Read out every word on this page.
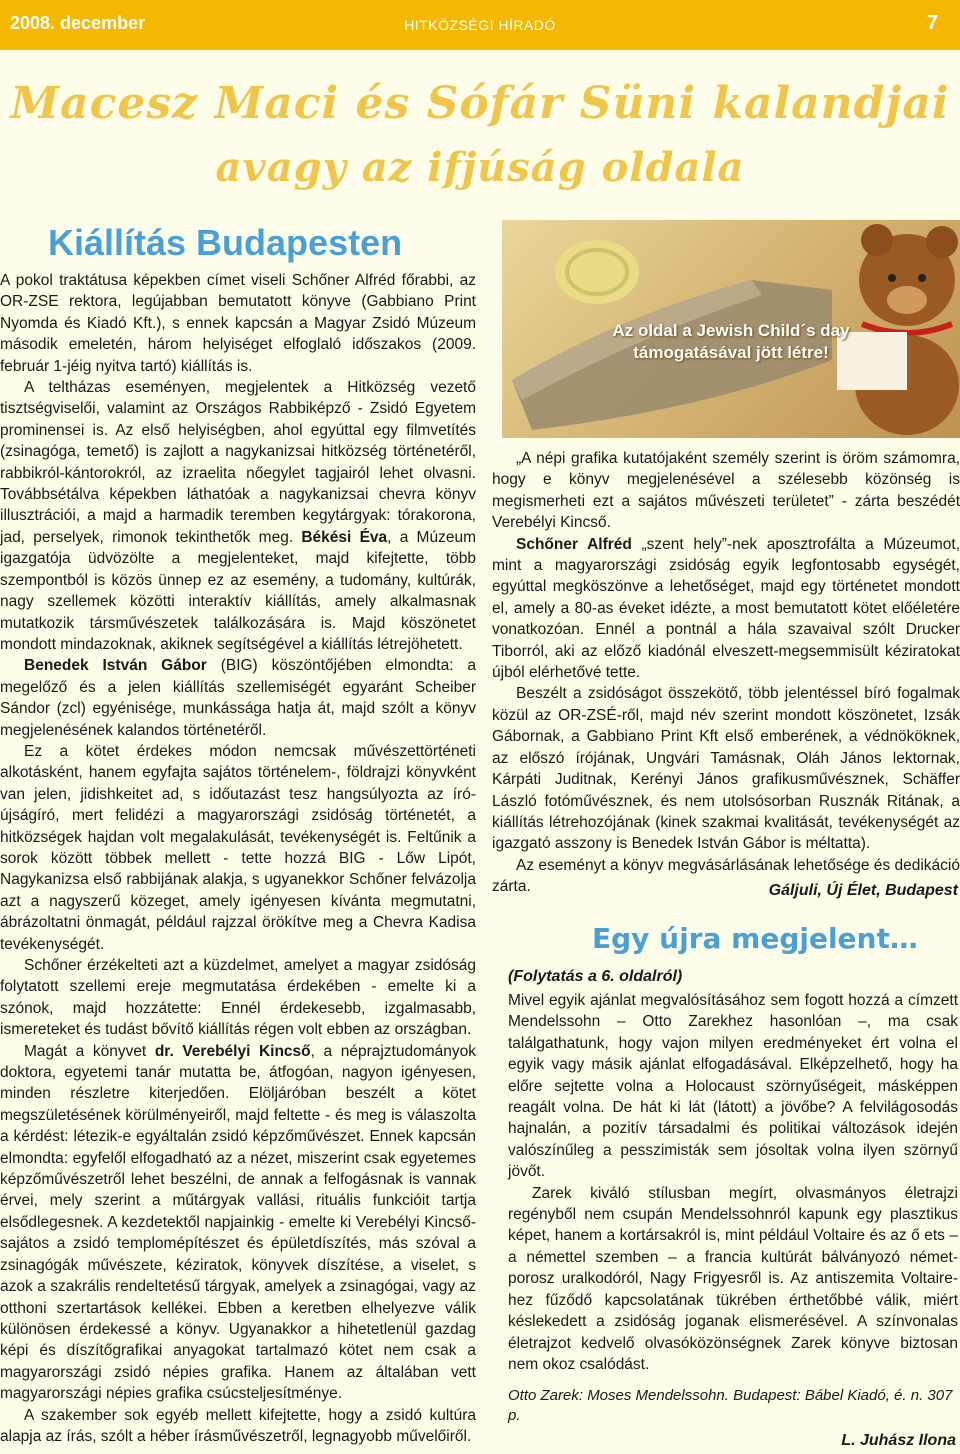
2008. december	HITKÖZSÉGI HÍRADÓ	7
Macesz Maci és Sófár Süni kalandjai
avagy az ifjúság oldala
Kiállítás Budapesten

A pokol traktátusa képekben címet viseli Schőner Alfréd főrabbi, az OR-ZSE rektora, legújabban bemutatott könyve (Gabbiano Print Nyomda és Kiadó Kft.), s ennek kapcsán a Magyar Zsidó Múzeum második emeletén, három helyiséget elfoglaló időszakos (2009. február 1-jéig nyitva tartó) kiállítás is.

A teltházas eseményen, megjelentek a Hitközség vezető tisztségviselői, valamint az Országos Rabbiképző - Zsidó Egyetem prominensei is. Az első helyiségben, ahol egyúttal egy filmvetítés (zsinagóga, temető) is zajlott a nagykanizsai hitközség történetéről, rabbikról-kántorokról, az izraelita nőegylet tagjairól lehet olvasni. Továbbsétálva képekben láthatóak a nagykanizsai chevra könyv illusztrációi, a majd a harmadik teremben kegytárgyak: tórakorona, jad, perselyek, rimonok tekinthetők meg. Békési Éva, a Múzeum igazgatója üdvözölte a megjelenteket, majd kifejtette, több szempontból is közös ünnep ez az esemény, a tudomány, kultúrák, nagy szellemek közötti interaktív kiállítás, amely alkalmasnak mutatkozik társművészetek találkozására is. Majd köszönetet mondott mindazoknak, akiknek segítségével a kiállítás létrejöhetett.

Benedek István Gábor (BIG) köszöntőjében elmondta: a megelőző és a jelen kiállítás szellemiségét egyaránt Scheiber Sándor (zcl) egyénisége, munkássága hatja át, majd szólt a könyv megjelenésének kalandos történetéről.

Ez a kötet érdekes módon nemcsak művészettörténeti alkotásként, hanem egyfajta sajátos történelem-, földrajzi könyvként van jelen, jidishkeitet ad, s időutazást tesz hangsúlyozta az író-újságíró, mert felidézi a magyarországi zsidóság történetét, a hitközségek hajdan volt megalakulását, tevékenységét is. Feltűnik a sorok között többek mellett - tette hozzá BIG - Lőw Lipót, Nagykanizsa első rabbijának alakja, s ugyanekkor Schőner felvázolja azt a nagyszerű közeget, amely igényesen kívánta megmutatni, ábrázoltatni önmagát, például rajzzal örökítve meg a Chevra Kadisa tevékenységét.

Schőner érzékelteti azt a küzdelmet, amelyet a magyar zsidóság folytatott szellemi ereje megmutatása érdekében - emelte ki a szónok, majd hozzátette: Ennél érdekesebb, izgalmasabb, ismereteket és tudást bővítő kiállítás régen volt ebben az országban.

Magát a könyvet dr. Verebélyi Kincső, a néprajztudományok doktora, egyetemi tanár mutatta be, átfogóan, nagyon igényesen, minden részletre kiterjedően. Elöljáróban beszélt a kötet megszületésének körülményeiről, majd feltette - és meg is válaszolta a kérdést: létezik-e egyáltalán zsidó képzőművészet. Ennek kapcsán elmondta: egyfelől elfogadható az a nézet, miszerint csak egyetemes képzőművészetről lehet beszélni, de annak a felfogásnak is vannak érvei, mely szerint a műtárgyak vallási, rituális funkcióit tartja elsődlegesnek. A kezdetektől napjainkig - emelte ki Verebélyi Kincső- sajátos a zsidó templomépítészet és épületdíszítés, más szóval a zsinagógák művészete, kéziratok, könyvek díszítése, a viselet, s azok a szakrális rendeltetésű tárgyak, amelyek a zsinagógai, vagy az otthoni szertartások kellékei. Ebben a keretben elhelyezve válik különösen érdekessé a könyv. Ugyanakkor a hihetetlenül gazdag képi és díszítőgrafikai anyagokat tartalmazó kötet nem csak a magyarországi zsidó népies grafika. Hanem az általában vett magyarországi népies grafika csúcsteljesítménye.

A szakember sok egyéb mellett kifejtette, hogy a zsidó kultúra alapja az írás, szólt a héber írásművészetről, legnagyobb művelőiről.

Az oldal a Jewish Child´s day
támogatásával jött létre!

„A népi grafika kutatójaként személy szerint is öröm számomra, hogy e könyv megjelenésével a szélesebb közönség is megismerheti ezt a sajátos művészeti területet” - zárta beszédét Verebélyi Kincső.

Schőner Alfréd „szent hely”-nek aposztrofálta a Múzeumot, mint a magyarországi zsidóság egyik legfontosabb egységét, egyúttal megköszönve a lehetőséget, majd egy történetet mondott el, amely a 80-as éveket idézte, a most bemutatott kötet előéletére vonatkozóan. Ennél a pontnál a hála szavaival szólt Drucker Tiborról, aki az előző kiadónál elveszett-megsemmisült kéziratokat újból elérhetővé tette.

Beszélt a zsidóságot összekötő, több jelentéssel bíró fogalmak közül az OR-ZSÉ-ről, majd név szerint mondott köszönetet, Izsák Gábornak, a Gabbiano Print Kft első emberének, a védnököknek, az előszó írójának, Ungvári Tamásnak, Oláh János lektornak, Kárpáti Juditnak, Kerényi János grafikusművésznek, Schäffer László fotóművésznek, és nem utolsósorban Rusznák Ritának, a kiállítás létrehozójának (kinek szakmai kvalitását, tevékenységét az igazgató asszony is Benedek István Gábor is méltatta).

Az eseményt a könyv megvásárlásának lehetősége és dedikáció zárta.	Gáljuli, Új Élet, Budapest
Egy újra megjelent…
(Folytatás a 6. oldalról)

Mivel egyik ajánlat megvalósításához sem fogott hozzá a címzett Mendelssohn – Otto Zarekhez hasonlóan –, ma csak találgathatunk, hogy vajon milyen eredményeket ért volna el egyik vagy másik ajánlat elfogadásával. Elképzelhető, hogy ha előre sejtette volna a Holocaust szörnyűségeit, másképpen reagált volna. De hát ki lát (látott) a jövőbe? A felvilágosodás hajnalán, a pozitív társadalmi és politikai változások idején valószínűleg a pesszimisták sem jósoltak volna ilyen szörnyű jövőt.

Zarek kiváló stílusban megírt, olvasmányos életrajzi regényből nem csupán Mendelssohnról kapunk egy plasztikus képet, hanem a kortársakról is, mint például Voltaire és az ő ets – a némettel szemben – a francia kultúrát bálványozó német-porosz uralkodóról, Nagy Frigyesről is. Az antiszemita Voltaire-hez fűződő kapcsolatának tükrében érthetőbbé válik, miért késlekedett a zsidóság joganak elismerésével. A színvonalas életrajzot kedvelő olvasóközönségnek Zarek könyve biztosan nem okoz csalódást.

Otto Zarek: Moses Mendelssohn. Budapest: Bábel Kiadó, é. n. 307 p.
L. Juhász Ilona
